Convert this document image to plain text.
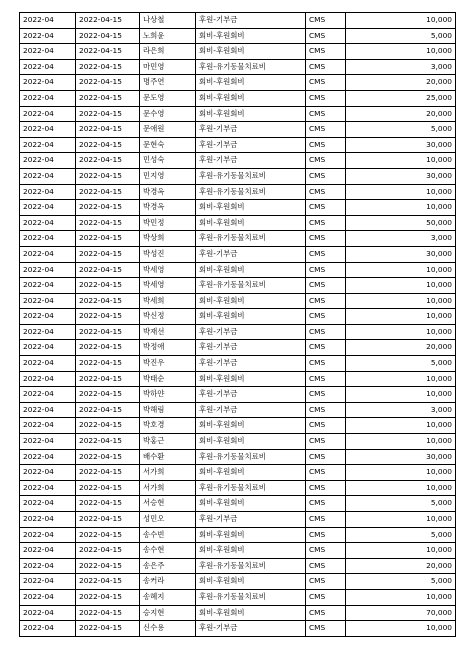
2022-04	2022-04-15	나상철	후원-기부금	CMS	10,000
2022-04	2022-04-15	노희윤	회비-후원회비	CMS	5,000
2022-04	2022-04-15	라은희	회비-후원회비	CMS	10,000
2022-04	2022-04-15	마민영	후원-유기동물치료비	CMS	3,000
2022-04	2022-04-15	명주연	회비-후원회비	CMS	20,000
2022-04	2022-04-15	문도영	회비-후원회비	CMS	25,000
2022-04	2022-04-15	문수영	회비-후원회비	CMS	20,000
2022-04	2022-04-15	문애원	후원-기부금	CMS	5,000
2022-04	2022-04-15	문현숙	후원-기부금	CMS	30,000
2022-04	2022-04-15	민성숙	후원-기부금	CMS	10,000
2022-04	2022-04-15	민지영	후원-유기동물치료비	CMS	30,000
2022-04	2022-04-15	박경옥	후원-유기동물치료비	CMS	10,000
2022-04	2022-04-15	박경옥	회비-후원회비	CMS	10,000
2022-04	2022-04-15	박민정	회비-후원회비	CMS	50,000
2022-04	2022-04-15	박상희	후원-유기동물치료비	CMS	3,000
2022-04	2022-04-15	박성진	후원-기부금	CMS	30,000
2022-04	2022-04-15	박세영	회비-후원회비	CMS	10,000
2022-04	2022-04-15	박세영	후원-유기동물치료비	CMS	10,000
2022-04	2022-04-15	박세희	회비-후원회비	CMS	10,000
2022-04	2022-04-15	박신정	회비-후원회비	CMS	10,000
2022-04	2022-04-15	박재선	후원-기부금	CMS	10,000
2022-04	2022-04-15	박정애	후원-기부금	CMS	20,000
2022-04	2022-04-15	박진우	후원-기부금	CMS	5,000
2022-04	2022-04-15	박태순	회비-후원회비	CMS	10,000
2022-04	2022-04-15	박하얀	후원-기부금	CMS	10,000
2022-04	2022-04-15	박해림	후원-기부금	CMS	3,000
2022-04	2022-04-15	박호경	회비-후원회비	CMS	10,000
2022-04	2022-04-15	박홍근	회비-후원회비	CMS	10,000
2022-04	2022-04-15	배수환	후원-유기동물치료비	CMS	30,000
2022-04	2022-04-15	서가희	회비-후원회비	CMS	10,000
2022-04	2022-04-15	서가희	후원-유기동물치료비	CMS	10,000
2022-04	2022-04-15	서승현	회비-후원회비	CMS	5,000
2022-04	2022-04-15	성민오	후원-기부금	CMS	10,000
2022-04	2022-04-15	송수빈	회비-후원회비	CMS	5,000
2022-04	2022-04-15	송수현	회비-후원회비	CMS	10,000
2022-04	2022-04-15	송은주	후원-유기동물치료비	CMS	20,000
2022-04	2022-04-15	송커라	회비-후원회비	CMS	5,000
2022-04	2022-04-15	송혜지	후원-유기동물치료비	CMS	10,000
2022-04	2022-04-15	승지현	회비-후원회비	CMS	70,000
2022-04	2022-04-15	신수용	후원-기부금	CMS	10,000
